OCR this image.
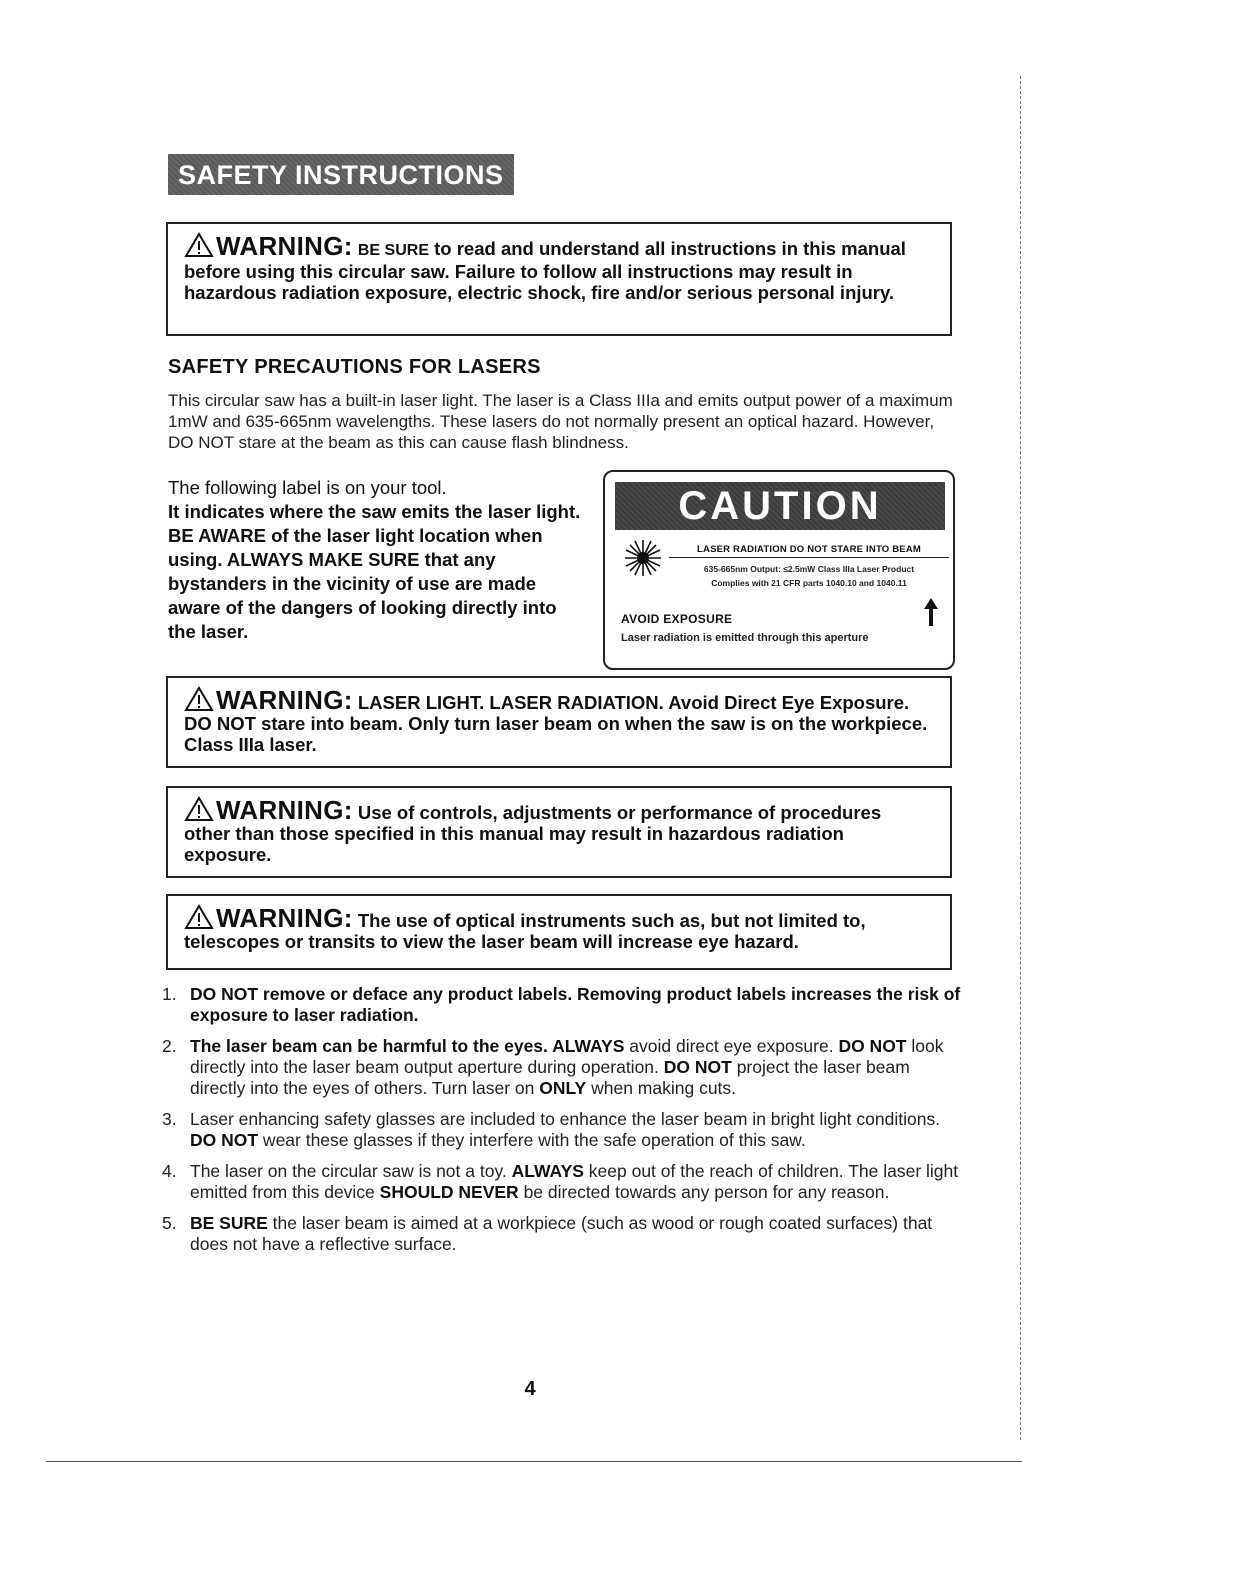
SAFETY INSTRUCTIONS
WARNING: BE SURE to read and understand all instructions in this manual before using this circular saw. Failure to follow all instructions may result in hazardous radiation exposure, electric shock, fire and/or serious personal injury.
SAFETY PRECAUTIONS FOR LASERS
This circular saw has a built-in laser light. The laser is a Class IIIa and emits output power of a maximum 1mW and 635-665nm wavelengths. These lasers do not normally present an optical hazard. However, DO NOT stare at the beam as this can cause flash blindness.
The following label is on your tool.
It indicates where the saw emits the laser light. BE AWARE of the laser light location when using. ALWAYS MAKE SURE that any bystanders in the vicinity of use are made aware of the dangers of looking directly into the laser.
CAUTION
LASER RADIATION DO NOT STARE INTO BEAM
635-665nm Output: ≤2.5mW Class IIIa Laser Product
Complies with 21 CFR parts 1040.10 and 1040.11
AVOID EXPOSURE
Laser radiation is emitted through this aperture
WARNING: LASER LIGHT. LASER RADIATION. Avoid Direct Eye Exposure. DO NOT stare into beam. Only turn laser beam on when the saw is on the workpiece. Class IIIa laser.
WARNING: Use of controls, adjustments or performance of procedures other than those specified in this manual may result in hazardous radiation exposure.
WARNING: The use of optical instruments such as, but not limited to, telescopes or transits to view the laser beam will increase eye hazard.
1. DO NOT remove or deface any product labels. Removing product labels increases the risk of exposure to laser radiation.
2. The laser beam can be harmful to the eyes. ALWAYS avoid direct eye exposure. DO NOT look directly into the laser beam output aperture during operation. DO NOT project the laser beam directly into the eyes of others. Turn laser on ONLY when making cuts.
3. Laser enhancing safety glasses are included to enhance the laser beam in bright light conditions. DO NOT wear these glasses if they interfere with the safe operation of this saw.
4. The laser on the circular saw is not a toy. ALWAYS keep out of the reach of children. The laser light emitted from this device SHOULD NEVER be directed towards any person for any reason.
5. BE SURE the laser beam is aimed at a workpiece (such as wood or rough coated surfaces) that does not have a reflective surface.
4
